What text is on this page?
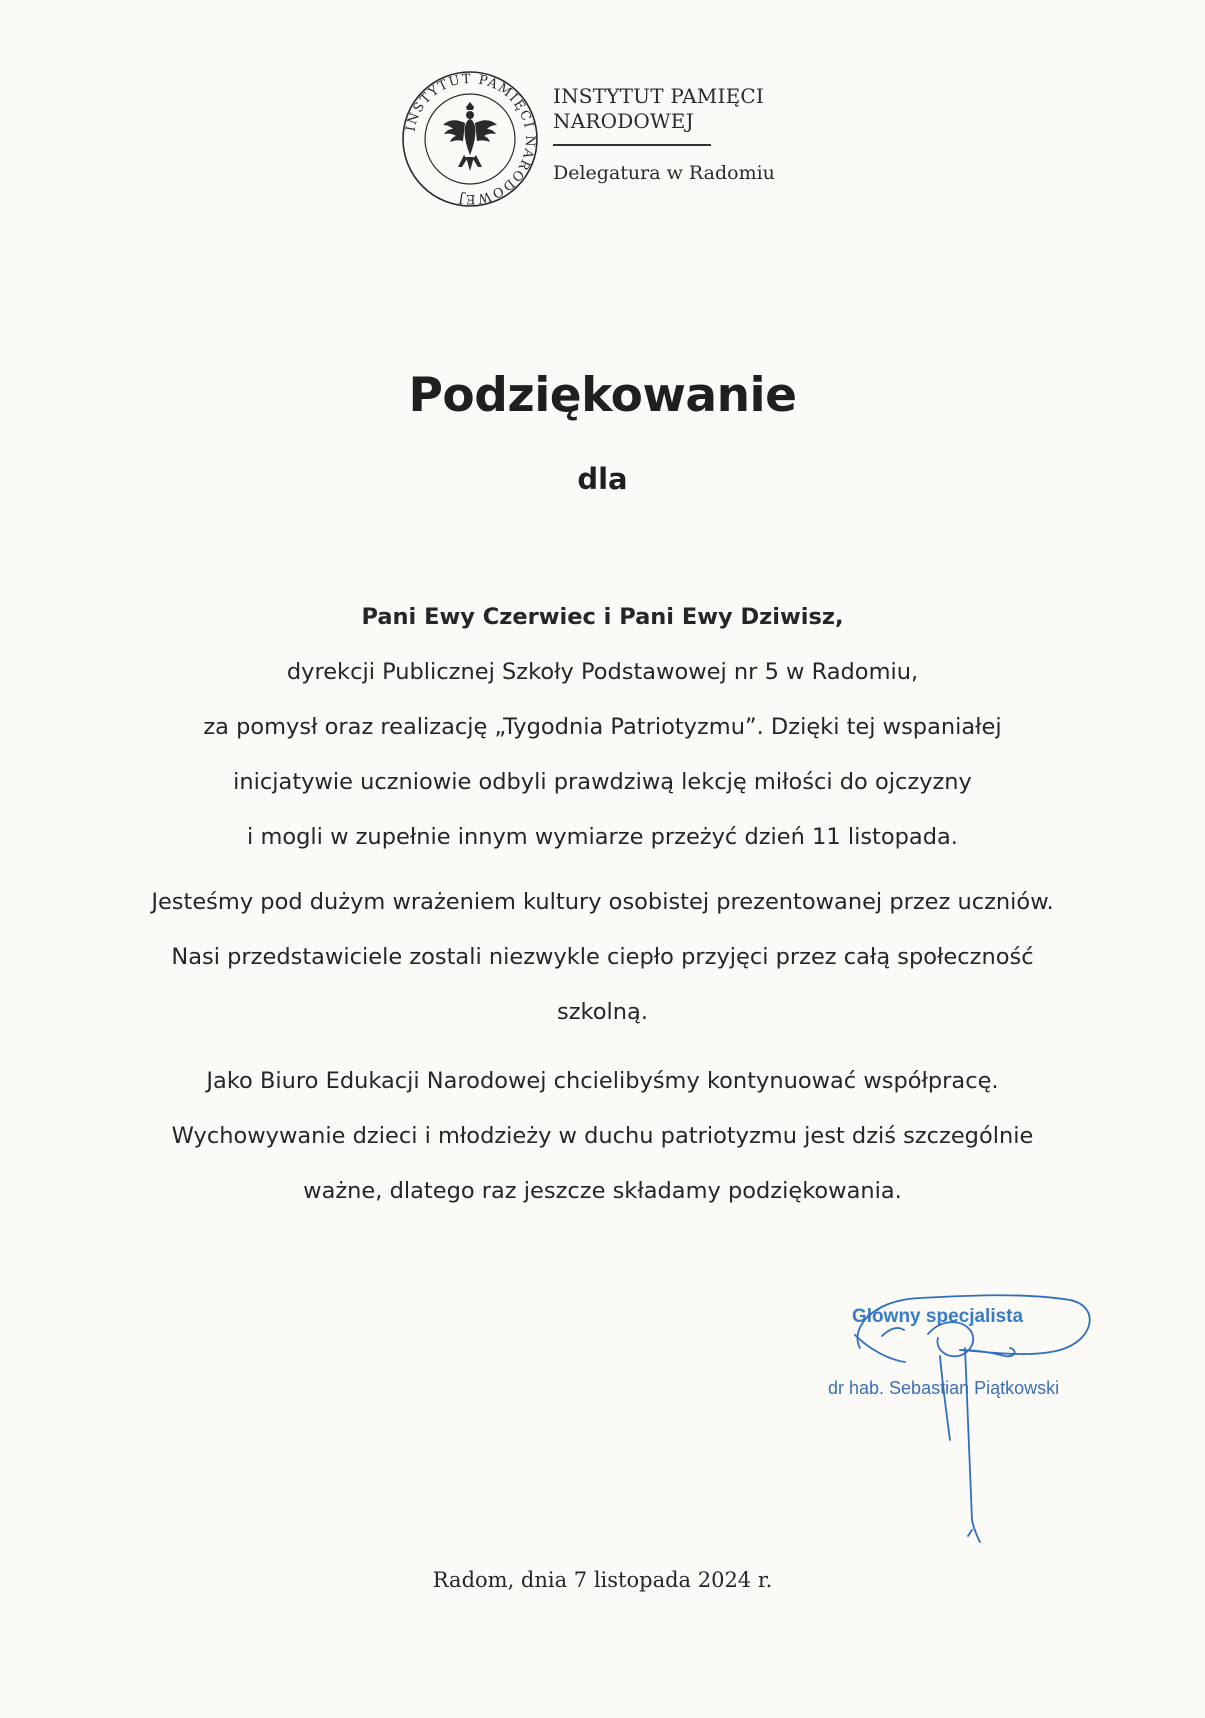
INSTYTUT PAMIĘCI NARODOWEJ
INSTYTUT PAMIĘCI
NARODOWEJ
Delegatura w Radomiu
Podziękowanie
dla
Pani Ewy Czerwiec i Pani Ewy Dziwisz,
dyrekcji Publicznej Szkoły Podstawowej nr 5 w Radomiu,
za pomysł oraz realizację „Tygodnia Patriotyzmu”. Dzięki tej wspaniałej
inicjatywie uczniowie odbyli prawdziwą lekcję miłości do ojczyzny
i mogli w zupełnie innym wymiarze przeżyć dzień 11 listopada.
Jesteśmy pod dużym wrażeniem kultury osobistej prezentowanej przez uczniów.
Nasi przedstawiciele zostali niezwykle ciepło przyjęci przez całą społeczność
szkolną.
Jako Biuro Edukacji Narodowej chcielibyśmy kontynuować współpracę.
Wychowywanie dzieci i młodzieży w duchu patriotyzmu jest dziś szczególnie
ważne, dlatego raz jeszcze składamy podziękowania.
Główny specjalista
dr hab. Sebastian Piątkowski
Radom, dnia 7 listopada 2024 r.
